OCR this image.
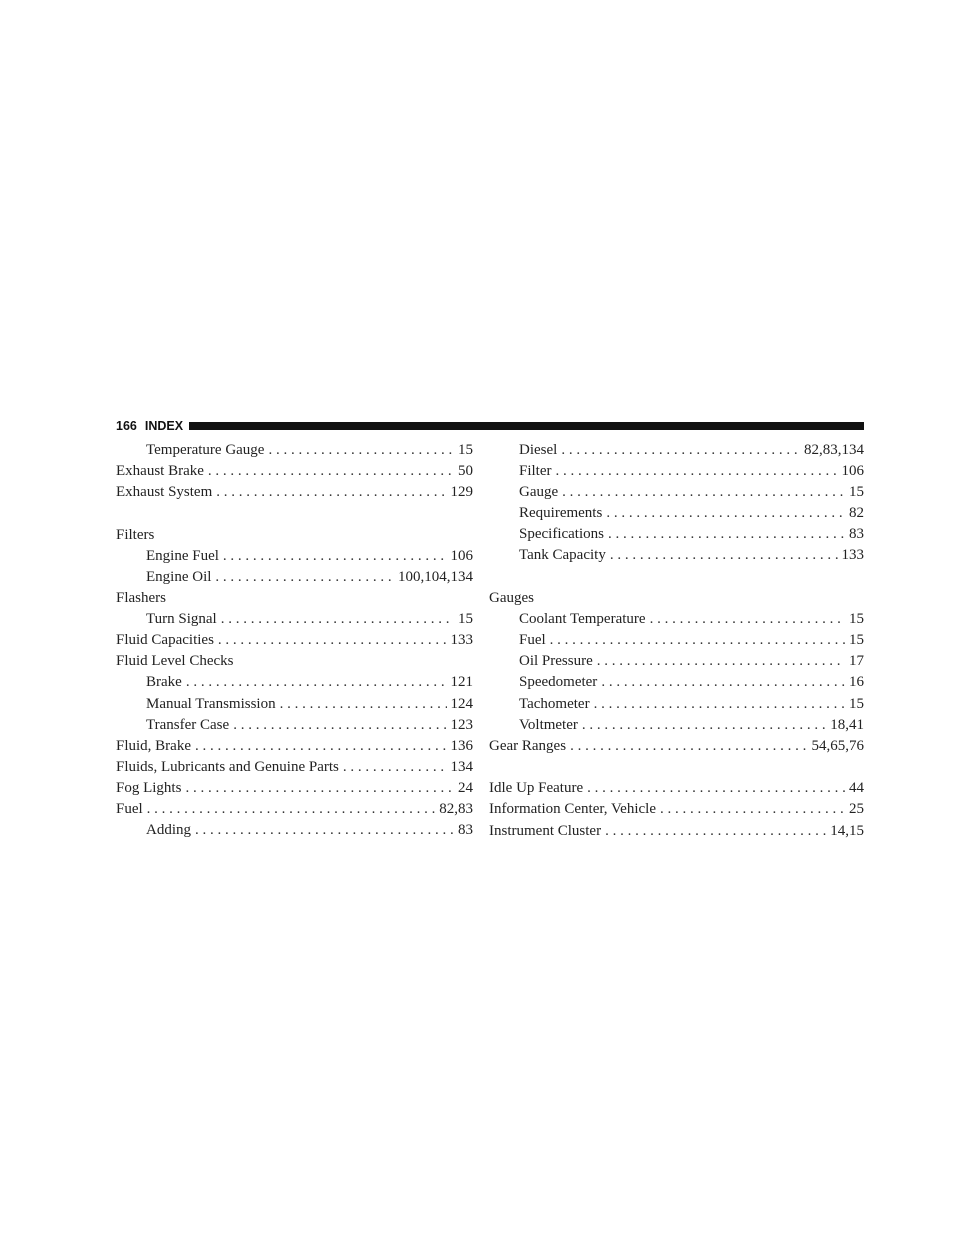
166 INDEX
Temperature Gauge . . .	15
Exhaust Brake . . .	50
Exhaust System . . .	129
Filters
Engine Fuel . . .	106
Engine Oil . . .	100,104,134
Flashers
Turn Signal . . .	15
Fluid Capacities . . .	133
Fluid Level Checks
Brake . . .	121
Manual Transmission . . .	124
Transfer Case . . .	123
Fluid, Brake . . .	136
Fluids, Lubricants and Genuine Parts . . .	134
Fog Lights . . .	24
Fuel . . .	82,83
Adding . . .	83
Diesel . . .	82,83,134
Filter . . .	106
Gauge . . .	15
Requirements . . .	82
Specifications . . .	83
Tank Capacity . . .	133
Gauges
Coolant Temperature . . .	15
Fuel . . .	15
Oil Pressure . . .	17
Speedometer . . .	16
Tachometer . . .	15
Voltmeter . . .	18,41
Gear Ranges . . .	54,65,76
Idle Up Feature . . .	44
Information Center, Vehicle . . .	25
Instrument Cluster . . .	14,15
